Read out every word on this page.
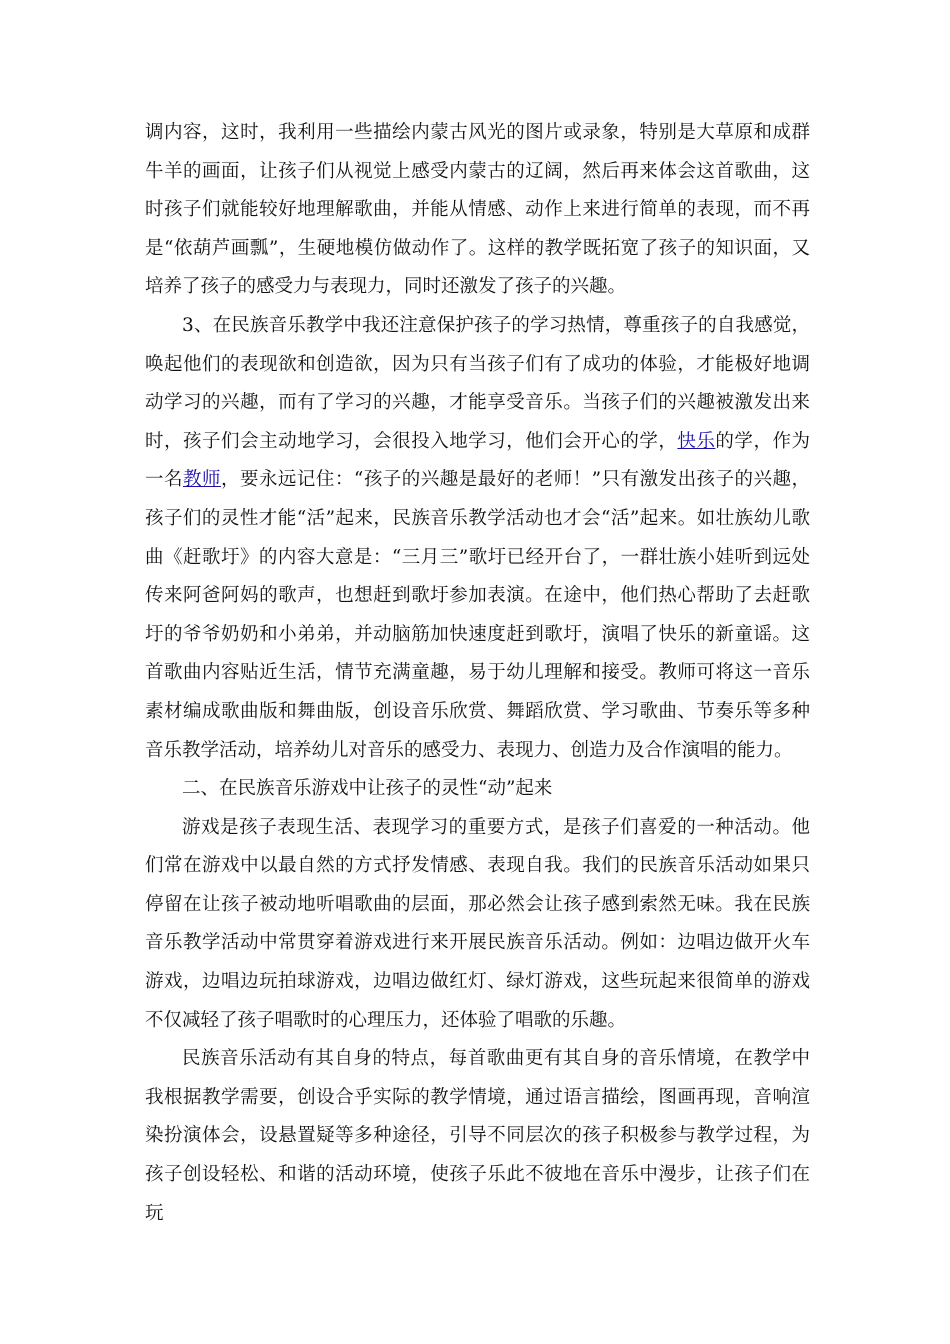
调内容，这时，我利用一些描绘内蒙古风光的图片或录象，特别是大草原和成群牛羊的画面，让孩子们从视觉上感受内蒙古的辽阔，然后再来体会这首歌曲，这时孩子们就能较好地理解歌曲，并能从情感、动作上来进行简单的表现，而不再是“依葫芦画瓢”，生硬地模仿做动作了。这样的教学既拓宽了孩子的知识面，又培养了孩子的感受力与表现力，同时还激发了孩子的兴趣。

3、在民族音乐教学中我还注意保护孩子的学习热情，尊重孩子的自我感觉，唤起他们的表现欲和创造欲，因为只有当孩子们有了成功的体验，才能极好地调动学习的兴趣，而有了学习的兴趣，才能享受音乐。当孩子们的兴趣被激发出来时，孩子们会主动地学习，会很投入地学习，他们会开心的学，快乐的学，作为一名教师，要永远记住：“孩子的兴趣是最好的老师！”只有激发出孩子的兴趣，孩子们的灵性才能“活”起来，民族音乐教学活动也才会“活”起来。如壮族幼儿歌曲《赶歌圩》的内容大意是：“三月三”歌圩已经开台了，一群壮族小娃听到远处传来阿爸阿妈的歌声，也想赶到歌圩参加表演。在途中，他们热心帮助了去赶歌圩的爷爷奶奶和小弟弟，并动脑筋加快速度赶到歌圩，演唱了快乐的新童谣。这首歌曲内容贴近生活，情节充满童趣，易于幼儿理解和接受。教师可将这一音乐素材编成歌曲版和舞曲版，创设音乐欣赏、舞蹈欣赏、学习歌曲、节奏乐等多种音乐教学活动，培养幼儿对音乐的感受力、表现力、创造力及合作演唱的能力。

二、在民族音乐游戏中让孩子的灵性“动”起来

游戏是孩子表现生活、表现学习的重要方式，是孩子们喜爱的一种活动。他们常在游戏中以最自然的方式抒发情感、表现自我。我们的民族音乐活动如果只停留在让孩子被动地听唱歌曲的层面，那必然会让孩子感到索然无味。我在民族音乐教学活动中常贯穿着游戏进行来开展民族音乐活动。例如：边唱边做开火车游戏，边唱边玩拍球游戏，边唱边做红灯、绿灯游戏，这些玩起来很简单的游戏不仅减轻了孩子唱歌时的心理压力，还体验了唱歌的乐趣。

民族音乐活动有其自身的特点，每首歌曲更有其自身的音乐情境，在教学中我根据教学需要，创设合乎实际的教学情境，通过语言描绘，图画再现，音响渲染扮演体会，设悬置疑等多种途径，引导不同层次的孩子积极参与教学过程，为孩子创设轻松、和谐的活动环境，使孩子乐此不彼地在音乐中漫步，让孩子们在玩
